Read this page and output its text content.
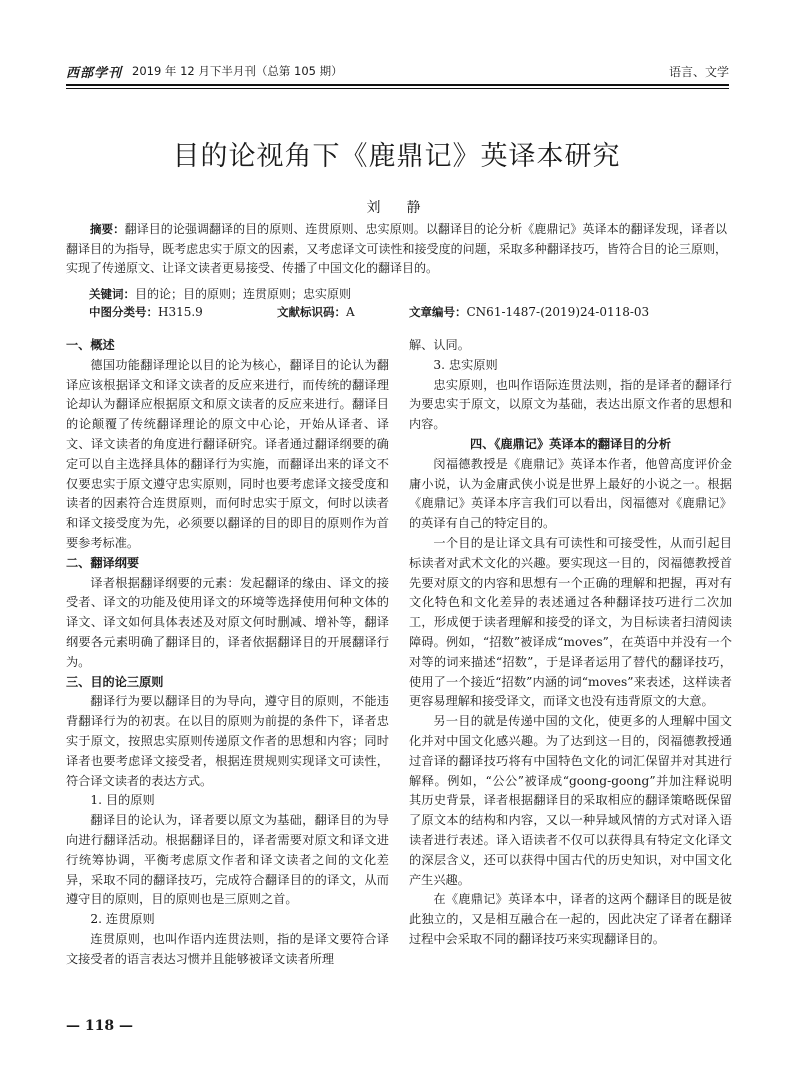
西部学刊 2019 年 12 月下半月刊（总第 105 期）	语言、文学
目的论视角下《鹿鼎记》英译本研究
刘　静
摘要：翻译目的论强调翻译的目的原则、连贯原则、忠实原则。以翻译目的论分析《鹿鼎记》英译本的翻译发现，译者以翻译目的为指导，既考虑忠实于原文的因素，又考虑译文可读性和接受度的问题，采取多种翻译技巧，皆符合目的论三原则，实现了传递原文、让译文读者更易接受、传播了中国文化的翻译目的。
关键词：目的论；目的原则；连贯原则；忠实原则
中图分类号：H315.9	文献标识码：A	文章编号：CN61-1487-(2019)24-0118-03
一、概述

德国功能翻译理论以目的论为核心，翻译目的论认为翻译应该根据译文和译文读者的反应来进行，而传统的翻译理论却认为翻译应根据原文和原文读者的反应来进行。翻译目的论颠覆了传统翻译理论的原文中心论，开始从译者、译文、译文读者的角度进行翻译研究。译者通过翻译纲要的确定可以自主选择具体的翻译行为实施，而翻译出来的译文不仅要忠实于原文遵守忠实原则，同时也要考虑译文接受度和读者的因素符合连贯原则，而何时忠实于原文，何时以读者和译文接受度为先，必须要以翻译的目的即目的原则作为首要参考标准。

二、翻译纲要

译者根据翻译纲要的元素：发起翻译的缘由、译文的接受者、译文的功能及使用译文的环境等选择使用何种文体的译文、译文如何具体表述及对原文何时删减、增补等，翻译纲要各元素明确了翻译目的，译者依据翻译目的开展翻译行为。

三、目的论三原则

翻译行为要以翻译目的为导向，遵守目的原则，不能违背翻译行为的初衷。在以目的原则为前提的条件下，译者忠实于原文，按照忠实原则传递原文作者的思想和内容；同时译者也要考虑译文接受者，根据连贯规则实现译文可读性，符合译文读者的表达方式。

1. 目的原则

翻译目的论认为，译者要以原文为基础，翻译目的为导向进行翻译活动。根据翻译目的，译者需要对原文和译文进行统筹协调，平衡考虑原文作者和译文读者之间的文化差异，采取不同的翻译技巧，完成符合翻译目的的译文，从而遵守目的原则，目的原则也是三原则之首。

2. 连贯原则

连贯原则，也叫作语内连贯法则，指的是译文要符合译文接受者的语言表达习惯并且能够被译文读者所理

解、认同。

3. 忠实原则

忠实原则，也叫作语际连贯法则，指的是译者的翻译行为要忠实于原文，以原文为基础，表达出原文作者的思想和内容。

四、《鹿鼎记》英译本的翻译目的分析

闵福德教授是《鹿鼎记》英译本作者，他曾高度评价金庸小说，认为金庸武侠小说是世界上最好的小说之一。根据《鹿鼎记》英译本序言我们可以看出，闵福德对《鹿鼎记》的英译有自己的特定目的。

一个目的是让译文具有可读性和可接受性，从而引起目标读者对武术文化的兴趣。要实现这一目的，闵福德教授首先要对原文的内容和思想有一个正确的理解和把握，再对有文化特色和文化差异的表述通过各种翻译技巧进行二次加工，形成便于读者理解和接受的译文，为目标读者扫清阅读障碍。例如，“招数”被译成“moves”，在英语中并没有一个对等的词来描述“招数”，于是译者运用了替代的翻译技巧，使用了一个接近“招数”内涵的词“moves”来表述，这样读者更容易理解和接受译文，而译文也没有违背原文的大意。

另一目的就是传递中国的文化，使更多的人理解中国文化并对中国文化感兴趣。为了达到这一目的，闵福德教授通过音译的翻译技巧将有中国特色文化的词汇保留并对其进行解释。例如，“公公”被译成“goong-goong”并加注释说明其历史背景，译者根据翻译目的采取相应的翻译策略既保留了原文本的结构和内容，又以一种异域风情的方式对译入语读者进行表述。译入语读者不仅可以获得具有特定文化译文的深层含义，还可以获得中国古代的历史知识，对中国文化产生兴趣。

在《鹿鼎记》英译本中，译者的这两个翻译目的既是彼此独立的，又是相互融合在一起的，因此决定了译者在翻译过程中会采取不同的翻译技巧来实现翻译目的。

— 118 —
